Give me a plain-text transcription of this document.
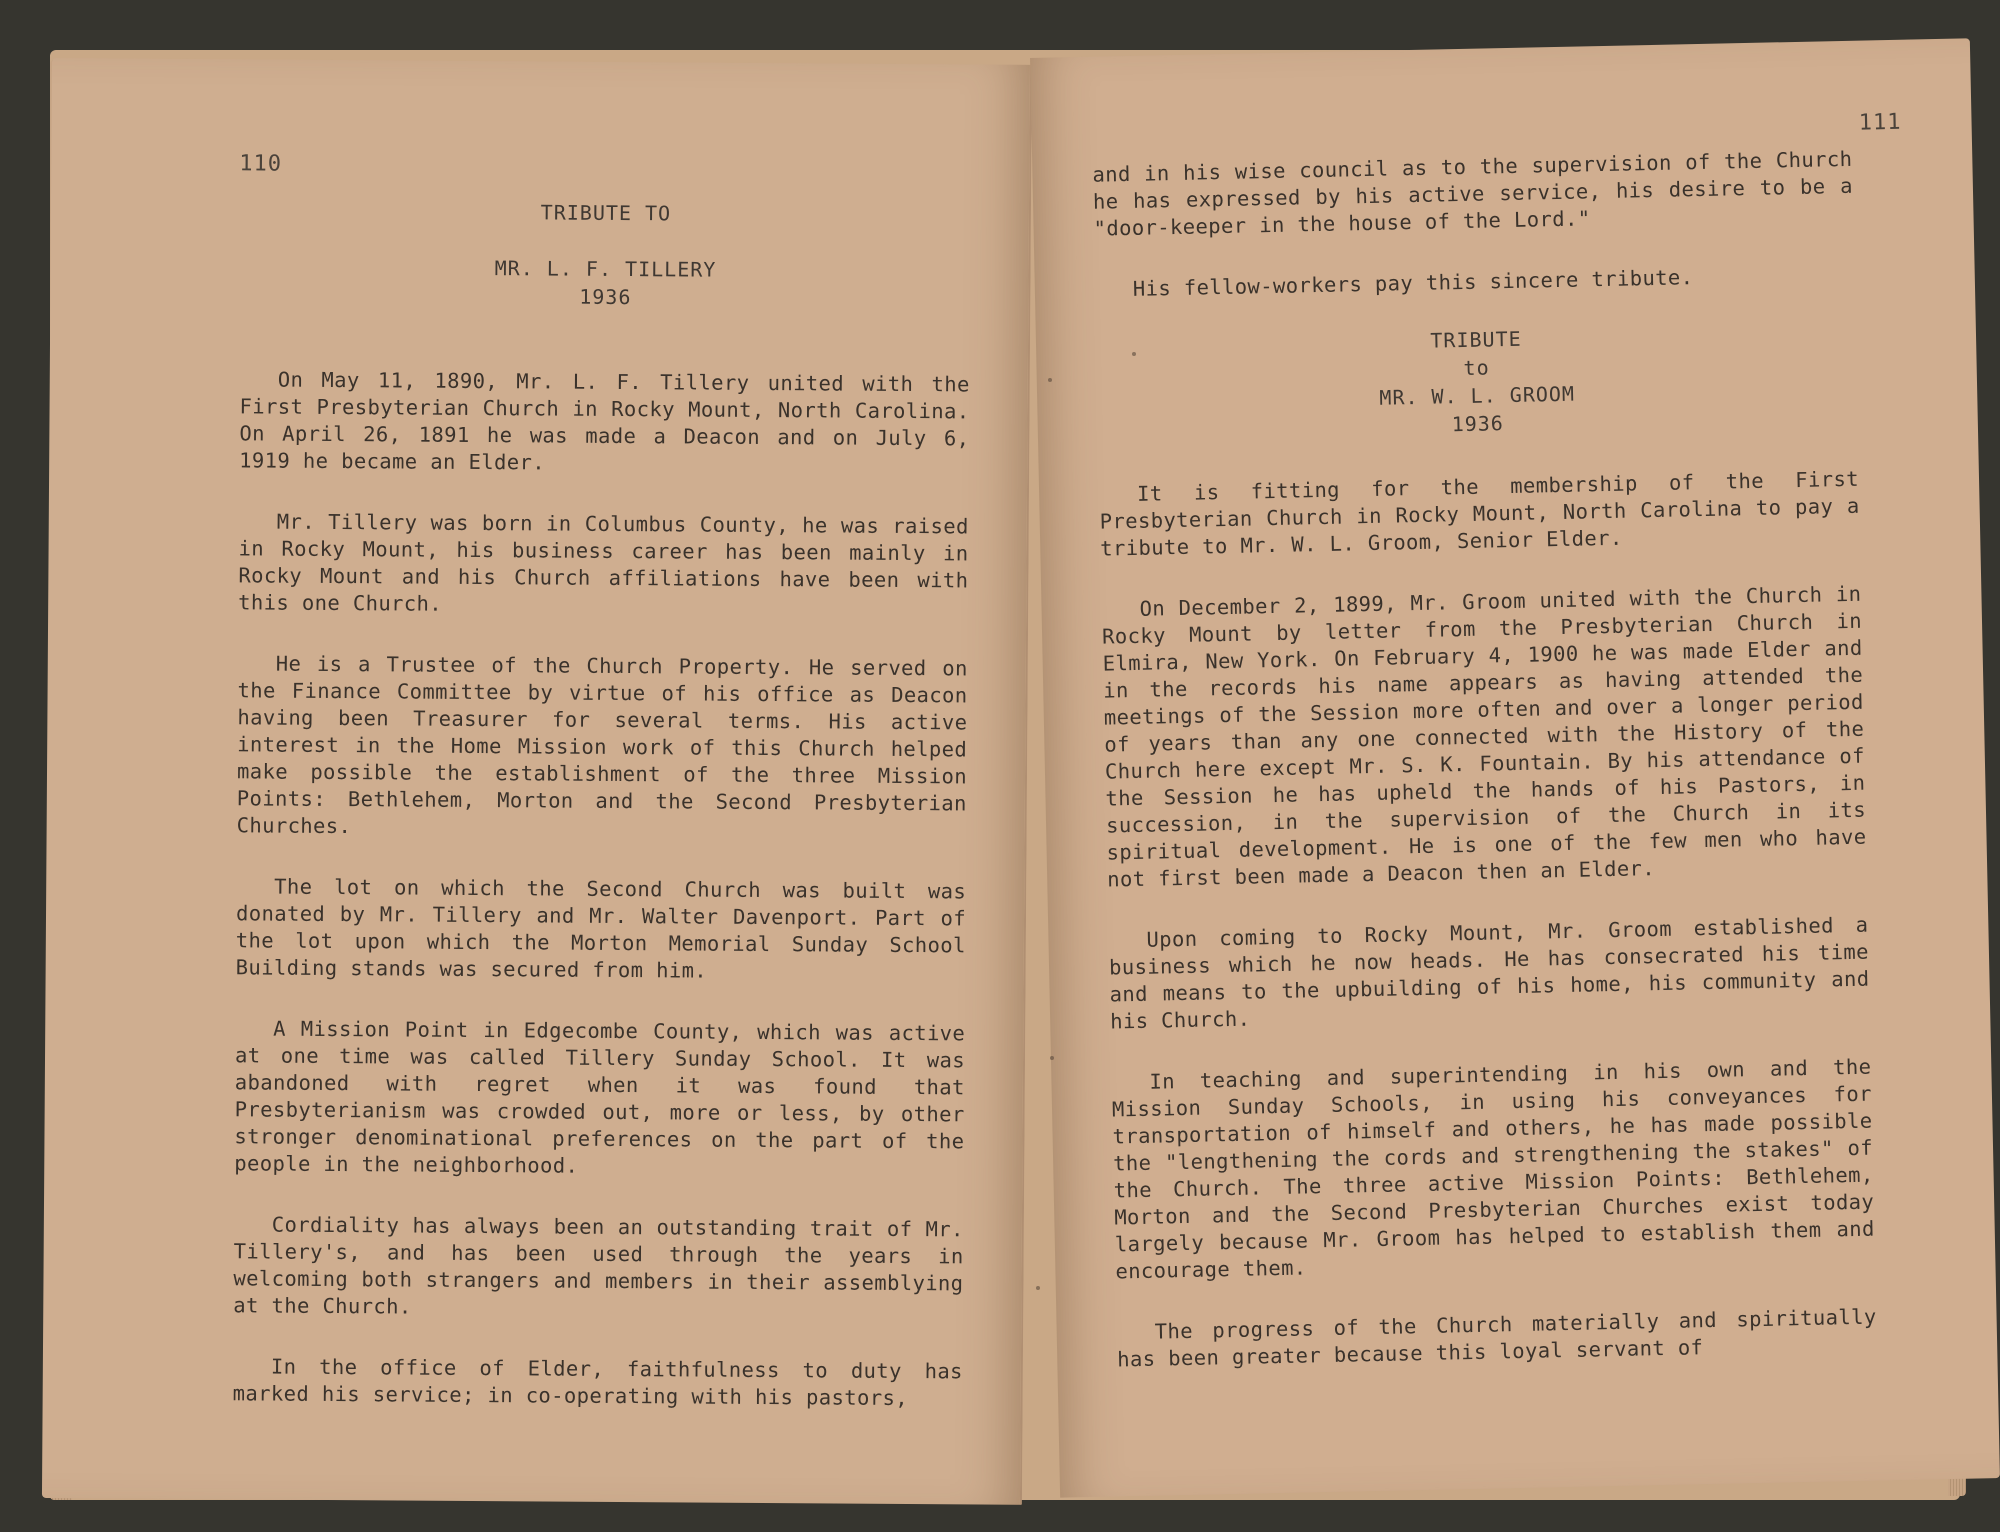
110
TRIBUTE TO
MR. L. F. TILLERY
1936

On May 11, 1890, Mr. L. F. Tillery united with the First Presbyterian Church in Rocky Mount, North Carolina. On April 26, 1891 he was made a Deacon and on July 6, 1919 he became an Elder.

Mr. Tillery was born in Columbus County, he was raised in Rocky Mount, his business career has been mainly in Rocky Mount and his Church affiliations have been with this one Church.

He is a Trustee of the Church Property. He served on the Finance Committee by virtue of his office as Deacon having been Treasurer for several terms. His active interest in the Home Mission work of this Church helped make possible the establishment of the three Mission Points: Bethlehem, Morton and the Second Presbyterian Churches.

The lot on which the Second Church was built was donated by Mr. Tillery and Mr. Walter Davenport. Part of the lot upon which the Morton Memorial Sunday School Building stands was secured from him.

A Mission Point in Edgecombe County, which was active at one time was called Tillery Sunday School. It was abandoned with regret when it was found that Presbyterianism was crowded out, more or less, by other stronger denominational preferences on the part of the people in the neighborhood.

Cordiality has always been an outstanding trait of Mr. Tillery's, and has been used through the years in welcoming both strangers and members in their assemblying at the Church.

In the office of Elder, faithfulness to duty has marked his service; in co-operating with his pastors,

111

and in his wise council as to the supervision of the Church he has expressed by his active service, his desire to be a "door-keeper in the house of the Lord."

His fellow-workers pay this sincere tribute.

TRIBUTE
to
MR. W. L. GROOM
1936

It is fitting for the membership of the First Presbyterian Church in Rocky Mount, North Carolina to pay a tribute to Mr. W. L. Groom, Senior Elder.

On December 2, 1899, Mr. Groom united with the Church in Rocky Mount by letter from the Presbyterian Church in Elmira, New York. On February 4, 1900 he was made Elder and in the records his name appears as having attended the meetings of the Session more often and over a longer period of years than any one connected with the History of the Church here except Mr. S. K. Fountain. By his attendance of the Session he has upheld the hands of his Pastors, in succession, in the supervision of the Church in its spiritual development. He is one of the few men who have not first been made a Deacon then an Elder.

Upon coming to Rocky Mount, Mr. Groom established a business which he now heads. He has consecrated his time and means to the upbuilding of his home, his community and his Church.

In teaching and superintending in his own and the Mission Sunday Schools, in using his conveyances for transportation of himself and others, he has made possible the "lengthening the cords and strengthening the stakes" of the Church. The three active Mission Points: Bethlehem, Morton and the Second Presbyterian Churches exist today largely because Mr. Groom has helped to establish them and encourage them.

The progress of the Church materially and spiritually has been greater because this loyal servant of
